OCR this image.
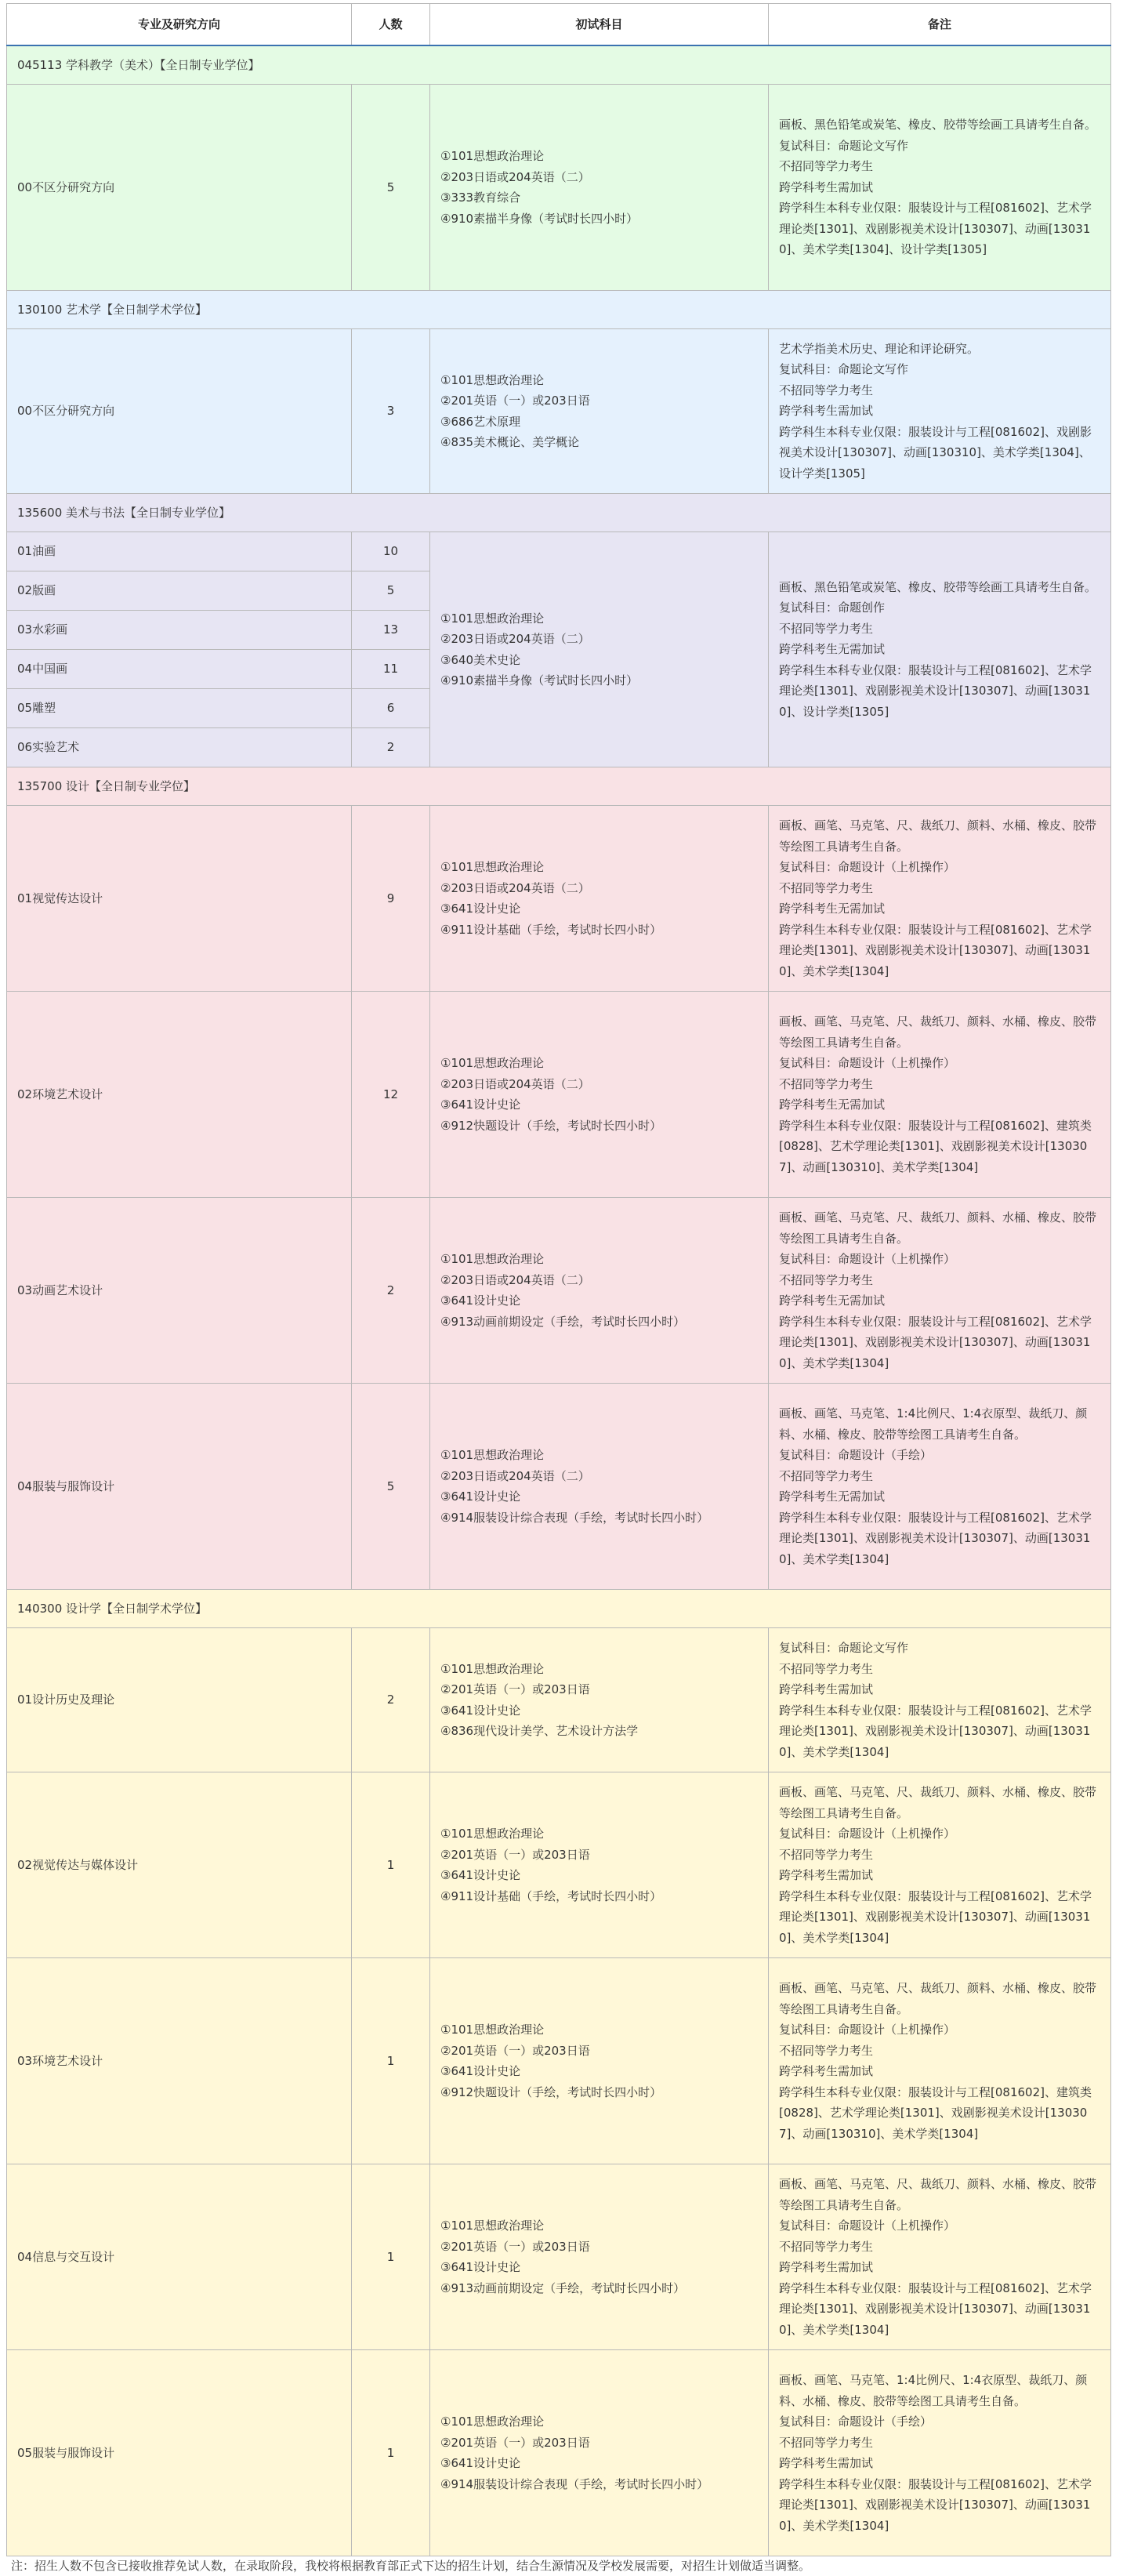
专业及研究方向	人数	初试科目	备注
045113 学科教学（美术）【全日制专业学位】			
00不区分研究方向	5	①101思想政治理论
②203日语或204英语（二）
③333教育综合
④910素描半身像（考试时长四小时）	画板、黑色铅笔或炭笔、橡皮、胶带等绘画工具请考生自备。
复试科目：命题论文写作
不招同等学力考生
跨学科考生需加试
跨学科生本科专业仅限：服装设计与工程[081602]、艺术学理论类[1301]、戏剧影视美术设计[130307]、动画[130310]、美术学类[1304]、设计学类[1305]
130100 艺术学【全日制学术学位】			
00不区分研究方向	3	①101思想政治理论
②201英语（一）或203日语
③686艺术原理
④835美术概论、美学概论	艺术学指美术历史、理论和评论研究。
复试科目：命题论文写作
不招同等学力考生
跨学科考生需加试
跨学科生本科专业仅限：服装设计与工程[081602]、戏剧影视美术设计[130307]、动画[130310]、美术学类[1304]、设计学类[1305]
135600 美术与书法【全日制专业学位】			
01油画	10	①101思想政治理论
②203日语或204英语（二）
③640美术史论
④910素描半身像（考试时长四小时）	画板、黑色铅笔或炭笔、橡皮、胶带等绘画工具请考生自备。
复试科目：命题创作
不招同等学力考生
跨学科考生无需加试
跨学科生本科专业仅限：服装设计与工程[081602]、艺术学理论类[1301]、戏剧影视美术设计[130307]、动画[130310]、设计学类[1305]
02版画	5		
03水彩画	13		
04中国画	11		
05雕塑	6		
06实验艺术	2		
135700 设计【全日制专业学位】			
01视觉传达设计	9	①101思想政治理论
②203日语或204英语（二）
③641设计史论
④911设计基础（手绘，考试时长四小时）	画板、画笔、马克笔、尺、裁纸刀、颜料、水桶、橡皮、胶带等绘图工具请考生自备。
复试科目：命题设计（上机操作）
不招同等学力考生
跨学科考生无需加试
跨学科生本科专业仅限：服装设计与工程[081602]、艺术学理论类[1301]、戏剧影视美术设计[130307]、动画[130310]、美术学类[1304]
02环境艺术设计	12	①101思想政治理论
②203日语或204英语（二）
③641设计史论
④912快题设计（手绘，考试时长四小时）	画板、画笔、马克笔、尺、裁纸刀、颜料、水桶、橡皮、胶带等绘图工具请考生自备。
复试科目：命题设计（上机操作）
不招同等学力考生
跨学科考生无需加试
跨学科生本科专业仅限：服装设计与工程[081602]、建筑类[0828]、艺术学理论类[1301]、戏剧影视美术设计[130307]、动画[130310]、美术学类[1304]
03动画艺术设计	2	①101思想政治理论
②203日语或204英语（二）
③641设计史论
④913动画前期设定（手绘，考试时长四小时）	画板、画笔、马克笔、尺、裁纸刀、颜料、水桶、橡皮、胶带等绘图工具请考生自备。
复试科目：命题设计（上机操作）
不招同等学力考生
跨学科考生无需加试
跨学科生本科专业仅限：服装设计与工程[081602]、艺术学理论类[1301]、戏剧影视美术设计[130307]、动画[130310]、美术学类[1304]
04服装与服饰设计	5	①101思想政治理论
②203日语或204英语（二）
③641设计史论
④914服装设计综合表现（手绘，考试时长四小时）	画板、画笔、马克笔、1:4比例尺、1:4衣原型、裁纸刀、颜料、水桶、橡皮、胶带等绘图工具请考生自备。
复试科目：命题设计（手绘）
不招同等学力考生
跨学科考生无需加试
跨学科生本科专业仅限：服装设计与工程[081602]、艺术学理论类[1301]、戏剧影视美术设计[130307]、动画[130310]、美术学类[1304]
140300 设计学【全日制学术学位】			
01设计历史及理论	2	①101思想政治理论
②201英语（一）或203日语
③641设计史论
④836现代设计美学、艺术设计方法学	复试科目：命题论文写作
不招同等学力考生
跨学科考生需加试
跨学科生本科专业仅限：服装设计与工程[081602]、艺术学理论类[1301]、戏剧影视美术设计[130307]、动画[130310]、美术学类[1304]
02视觉传达与媒体设计	1	①101思想政治理论
②201英语（一）或203日语
③641设计史论
④911设计基础（手绘，考试时长四小时）	画板、画笔、马克笔、尺、裁纸刀、颜料、水桶、橡皮、胶带等绘图工具请考生自备。
复试科目：命题设计（上机操作）
不招同等学力考生
跨学科考生需加试
跨学科生本科专业仅限：服装设计与工程[081602]、艺术学理论类[1301]、戏剧影视美术设计[130307]、动画[130310]、美术学类[1304]
03环境艺术设计	1	①101思想政治理论
②201英语（一）或203日语
③641设计史论
④912快题设计（手绘，考试时长四小时）	画板、画笔、马克笔、尺、裁纸刀、颜料、水桶、橡皮、胶带等绘图工具请考生自备。
复试科目：命题设计（上机操作）
不招同等学力考生
跨学科考生需加试
跨学科生本科专业仅限：服装设计与工程[081602]、建筑类[0828]、艺术学理论类[1301]、戏剧影视美术设计[130307]、动画[130310]、美术学类[1304]
04信息与交互设计	1	①101思想政治理论
②201英语（一）或203日语
③641设计史论
④913动画前期设定（手绘，考试时长四小时）	画板、画笔、马克笔、尺、裁纸刀、颜料、水桶、橡皮、胶带等绘图工具请考生自备。
复试科目：命题设计（上机操作）
不招同等学力考生
跨学科考生需加试
跨学科生本科专业仅限：服装设计与工程[081602]、艺术学理论类[1301]、戏剧影视美术设计[130307]、动画[130310]、美术学类[1304]
05服装与服饰设计	1	①101思想政治理论
②201英语（一）或203日语
③641设计史论
④914服装设计综合表现（手绘，考试时长四小时）	画板、画笔、马克笔、1:4比例尺、1:4衣原型、裁纸刀、颜料、水桶、橡皮、胶带等绘图工具请考生自备。
复试科目：命题设计（手绘）
不招同等学力考生
跨学科考生需加试
跨学科生本科专业仅限：服装设计与工程[081602]、艺术学理论类[1301]、戏剧影视美术设计[130307]、动画[130310]、美术学类[1304]
注：招生人数不包含已接收推荐免试人数，在录取阶段，我校将根据教育部正式下达的招生计划，结合生源情况及学校发展需要，对招生计划做适当调整。
